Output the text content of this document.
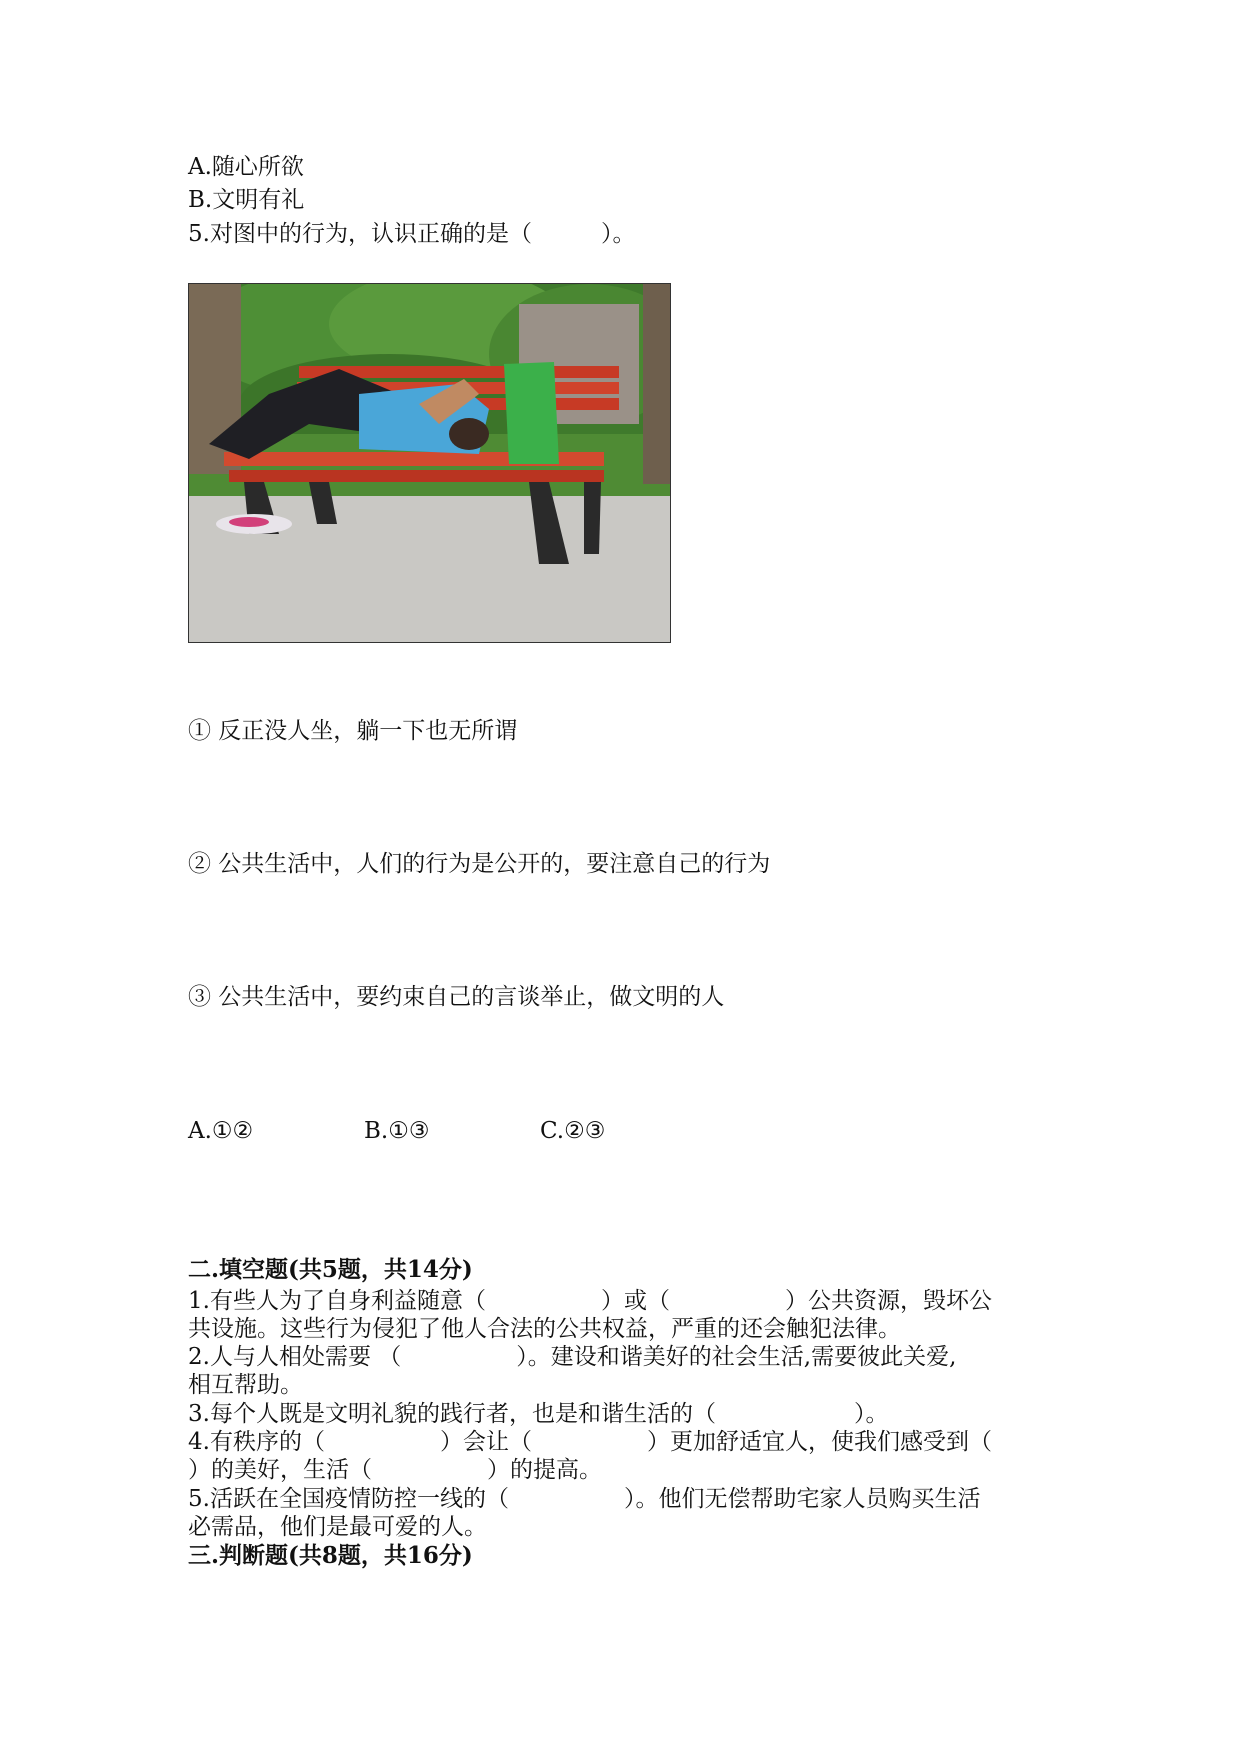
A.随心所欲
B.文明有礼
5.对图中的行为，认识正确的是（　　　）。
① 反正没人坐，躺一下也无所谓
② 公共生活中，人们的行为是公开的，要注意自己的行为
③ 公共生活中，要约束自己的言谈举止，做文明的人
A.①②	B.①③	C.②③
二.填空题(共5题，共14分)
1.有些人为了自身利益随意（　　　　　）或（　　　　　）公共资源，毁坏公
共设施。这些行为侵犯了他人合法的公共权益，严重的还会触犯法律。
2.人与人相处需要 （　　　　　）。建设和谐美好的社会生活,需要彼此关爱,
相互帮助。
3.每个人既是文明礼貌的践行者，也是和谐生活的（　　　　　　）。
4.有秩序的（　　　　　）会让（　　　　　）更加舒适宜人，使我们感受到（
）的美好，生活（　　　　　）的提高。
5.活跃在全国疫情防控一线的（　　　　　）。他们无偿帮助宅家人员购买生活
必需品，他们是最可爱的人。
三.判断题(共8题，共16分)
